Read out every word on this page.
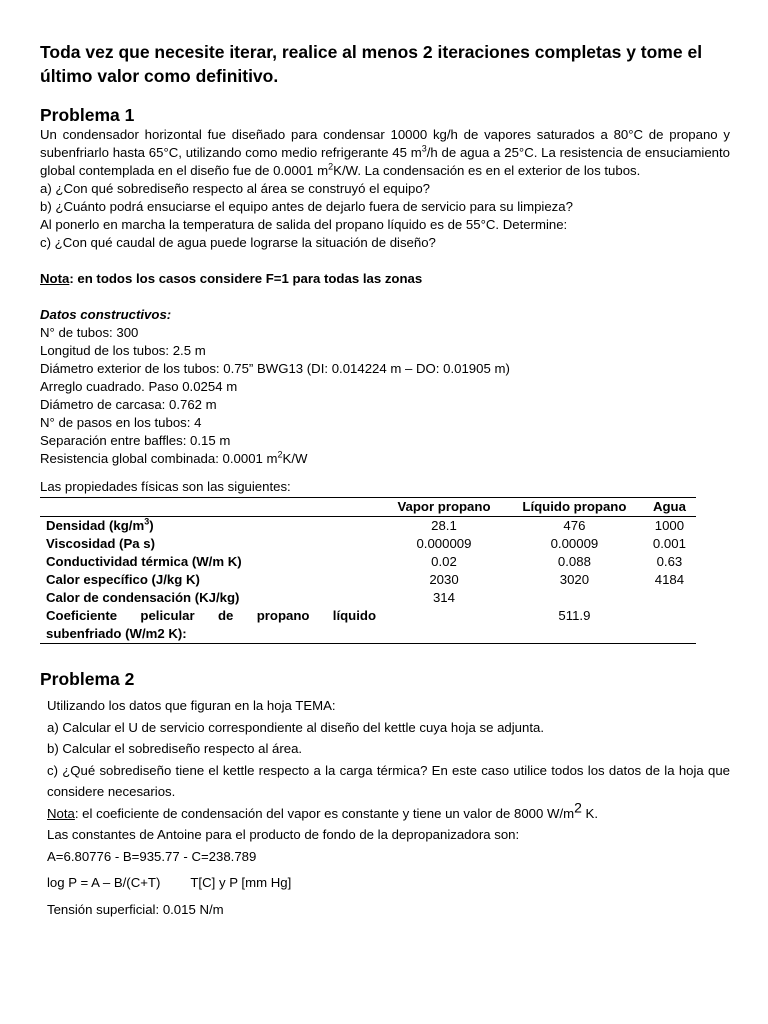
Toda vez que necesite iterar, realice al menos 2 iteraciones completas y tome el último valor como definitivo.

Problema 1

Un condensador horizontal fue diseñado para condensar 10000 kg/h de vapores saturados a 80°C de propano y subenfriarlo hasta 65°C, utilizando como medio refrigerante 45 $m^3/h$ de agua a 25°C. La resistencia de ensuciamiento global contemplada en el diseño fue de 0.0001 $m^2K/W$. La condensación es en el exterior de los tubos.

a) ¿Con qué sobrediseño respecto al área se construyó el equipo?

b) ¿Cuánto podrá ensuciarse el equipo antes de dejarlo fuera de servicio para su limpieza?

Al ponerlo en marcha la temperatura de salida del propano líquido es de 55°C. Determine:

c) ¿Con qué caudal de agua puede lograrse la situación de diseño?

Nota: en todos los casos considere F=1 para todas las zonas

Datos constructivos:

N° de tubos: 300

Longitud de los tubos: 2.5 m

Diámetro exterior de los tubos: 0.75” BWG13 (DI: 0.014224 m – DO: 0.01905 m)

Arreglo cuadrado. Paso 0.0254 m

Diámetro de carcasa: 0.762 m

N° de pasos en los tubos: 4

Separación entre baffles: 0.15 m

Resistencia global combinada: 0.0001 $m^2K/W$

Las propiedades físicas son las siguientes:

	Vapor propano	Líquido propano	Agua
Densidad $(kg/m^3)$	28.1	476	1000
Viscosidad (Pa s)	0.000009	0.00009	0.001
Conductividad térmica (W/m K)	0.02	0.088	0.63
Calor específico (J/kg K)	2030	3020	4184
Calor de condensación (KJ/kg)	314		

Coeficiente pelicular de propano líquido		511.9	
subenfriado (W/m2 K):			
Problema 2

Utilizando los datos que figuran en la hoja TEMA:

a) Calcular el U de servicio correspondiente al diseño del kettle cuya hoja se adjunta.

b) Calcular el sobrediseño respecto al área.

c) ¿Qué sobrediseño tiene el kettle respecto a la carga térmica? En este caso utilice todos los datos de la hoja que considere necesarios.

Nota: el coeficiente de condensación del vapor es constante y tiene un valor de 8000 W/m2 K.

Las constantes de Antoine para el producto de fondo de la depropanizadora son:

A=6.80776 - B=935.77 - C=238.789

log P = A – B/(C+T) T[C] y P [mm Hg]

Tensión superficial: 0.015 N/m
